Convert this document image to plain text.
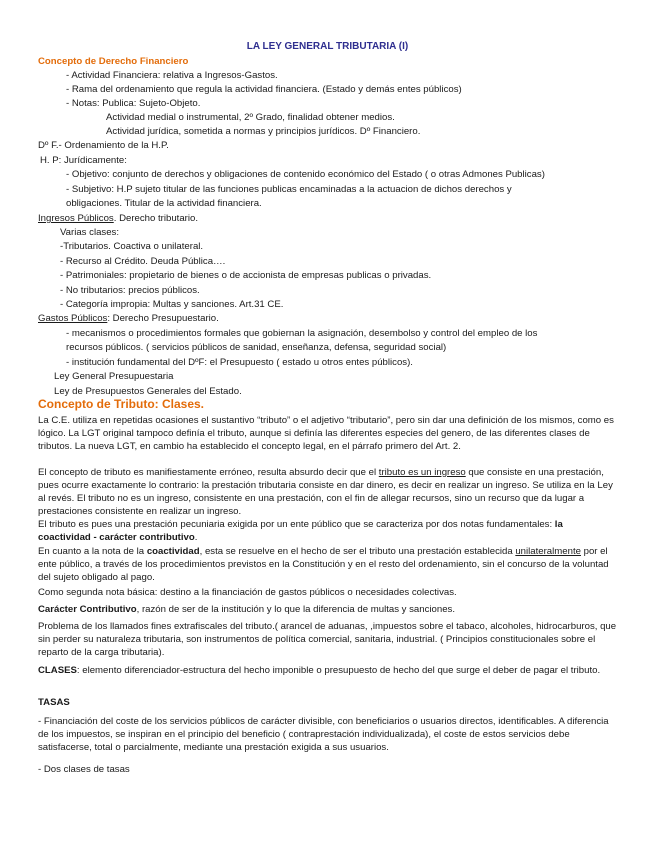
LA LEY GENERAL TRIBUTARIA (I)
Concepto de Derecho Financiero
- Actividad Financiera: relativa a Ingresos-Gastos.
- Rama del ordenamiento que regula la actividad financiera. (Estado y demás entes públicos)
- Notas: Publica: Sujeto-Objeto.
Actividad medial o instrumental, 2º Grado, finalidad obtener medios.
Actividad jurídica, sometida a normas y principios jurídicos. Dº Financiero.
Dº F.- Ordenamiento de la H.P.
H. P: Jurídicamente:
- Objetivo: conjunto de derechos y obligaciones de contenido económico del Estado ( o otras Admones Publicas)
- Subjetivo: H.P sujeto titular de las funciones publicas encaminadas a la actuacion de dichos derechos y
obligaciones. Titular de la actividad financiera.
Ingresos Públicos. Derecho tributario.
Varias clases:
-Tributarios. Coactiva o unilateral.
- Recurso al Crédito. Deuda Pública….
- Patrimoniales: propietario de bienes o de accionista de empresas publicas o privadas.
- No tributarios: precios públicos.
- Categoría impropia: Multas y sanciones. Art.31 CE.
Gastos Públicos: Derecho Presupuestario.
- mecanismos o procedimientos formales que gobiernan la asignación, desembolso y control del empleo de los
recursos públicos. ( servicios públicos de sanidad, enseñanza, defensa, seguridad social)
- institución fundamental del DºF: el Presupuesto ( estado u otros entes públicos).
Ley General Presupuestaria
Ley de Presupuestos Generales del Estado.
Concepto de Tributo: Clases.
La C.E. utiliza en repetidas ocasiones el sustantivo “tributo” o el adjetivo “tributario”, pero sin dar una definición de los mismos, como es lógico. La LGT original tampoco definía el tributo, aunque si definía las diferentes especies del genero, de las diferentes clases de tributos. La nueva LGT, en cambio ha establecido el concepto legal, en el párrafo primero del Art. 2.
El concepto de tributo es manifiestamente erróneo, resulta absurdo decir que el tributo es un ingreso que consiste en una prestación, pues ocurre exactamente lo contrario: la prestación tributaria consiste en dar dinero, es decir en realizar un ingreso. Se utiliza en la Ley al revés. El tributo no es un ingreso, consistente en una prestación, con el fin de allegar recursos, sino un recurso que da lugar a prestaciones consistente en realizar un ingreso.
El tributo es pues una prestación pecuniaria exigida por un ente público que se caracteriza por dos notas fundamentales: la coactividad - carácter contributivo.
En cuanto a la nota de la coactividad, esta se resuelve en el hecho de ser el tributo una prestación establecida unilateralmente por el ente público, a través de los procedimientos previstos en la Constitución y en el resto del ordenamiento, sin el concurso de la voluntad del sujeto obligado al pago.
Como segunda nota básica: destino a la financiación de gastos públicos o necesidades colectivas.
Carácter Contributivo, razón de ser de la institución y lo que la diferencia de multas y sanciones.
Problema de los llamados fines extrafiscales del tributo.( arancel de aduanas, ,impuestos sobre el tabaco, alcoholes, hidrocarburos, que sin perder su naturaleza tributaria, son instrumentos de política comercial, sanitaria, industrial. ( Principios constitucionales sobre el reparto de la carga tributaria).
CLASES: elemento diferenciador-estructura del hecho imponible o presupuesto de hecho del que surge el deber de pagar el tributo.
TASAS
- Financiación del coste de los servicios públicos de carácter divisible, con beneficiarios o usuarios directos, identificables. A diferencia de los impuestos, se inspiran en el principio del beneficio ( contraprestación individualizada), el coste de estos servicios debe satisfacerse, total o parcialmente, mediante una prestación exigida a sus usuarios.
- Dos clases de tasas
